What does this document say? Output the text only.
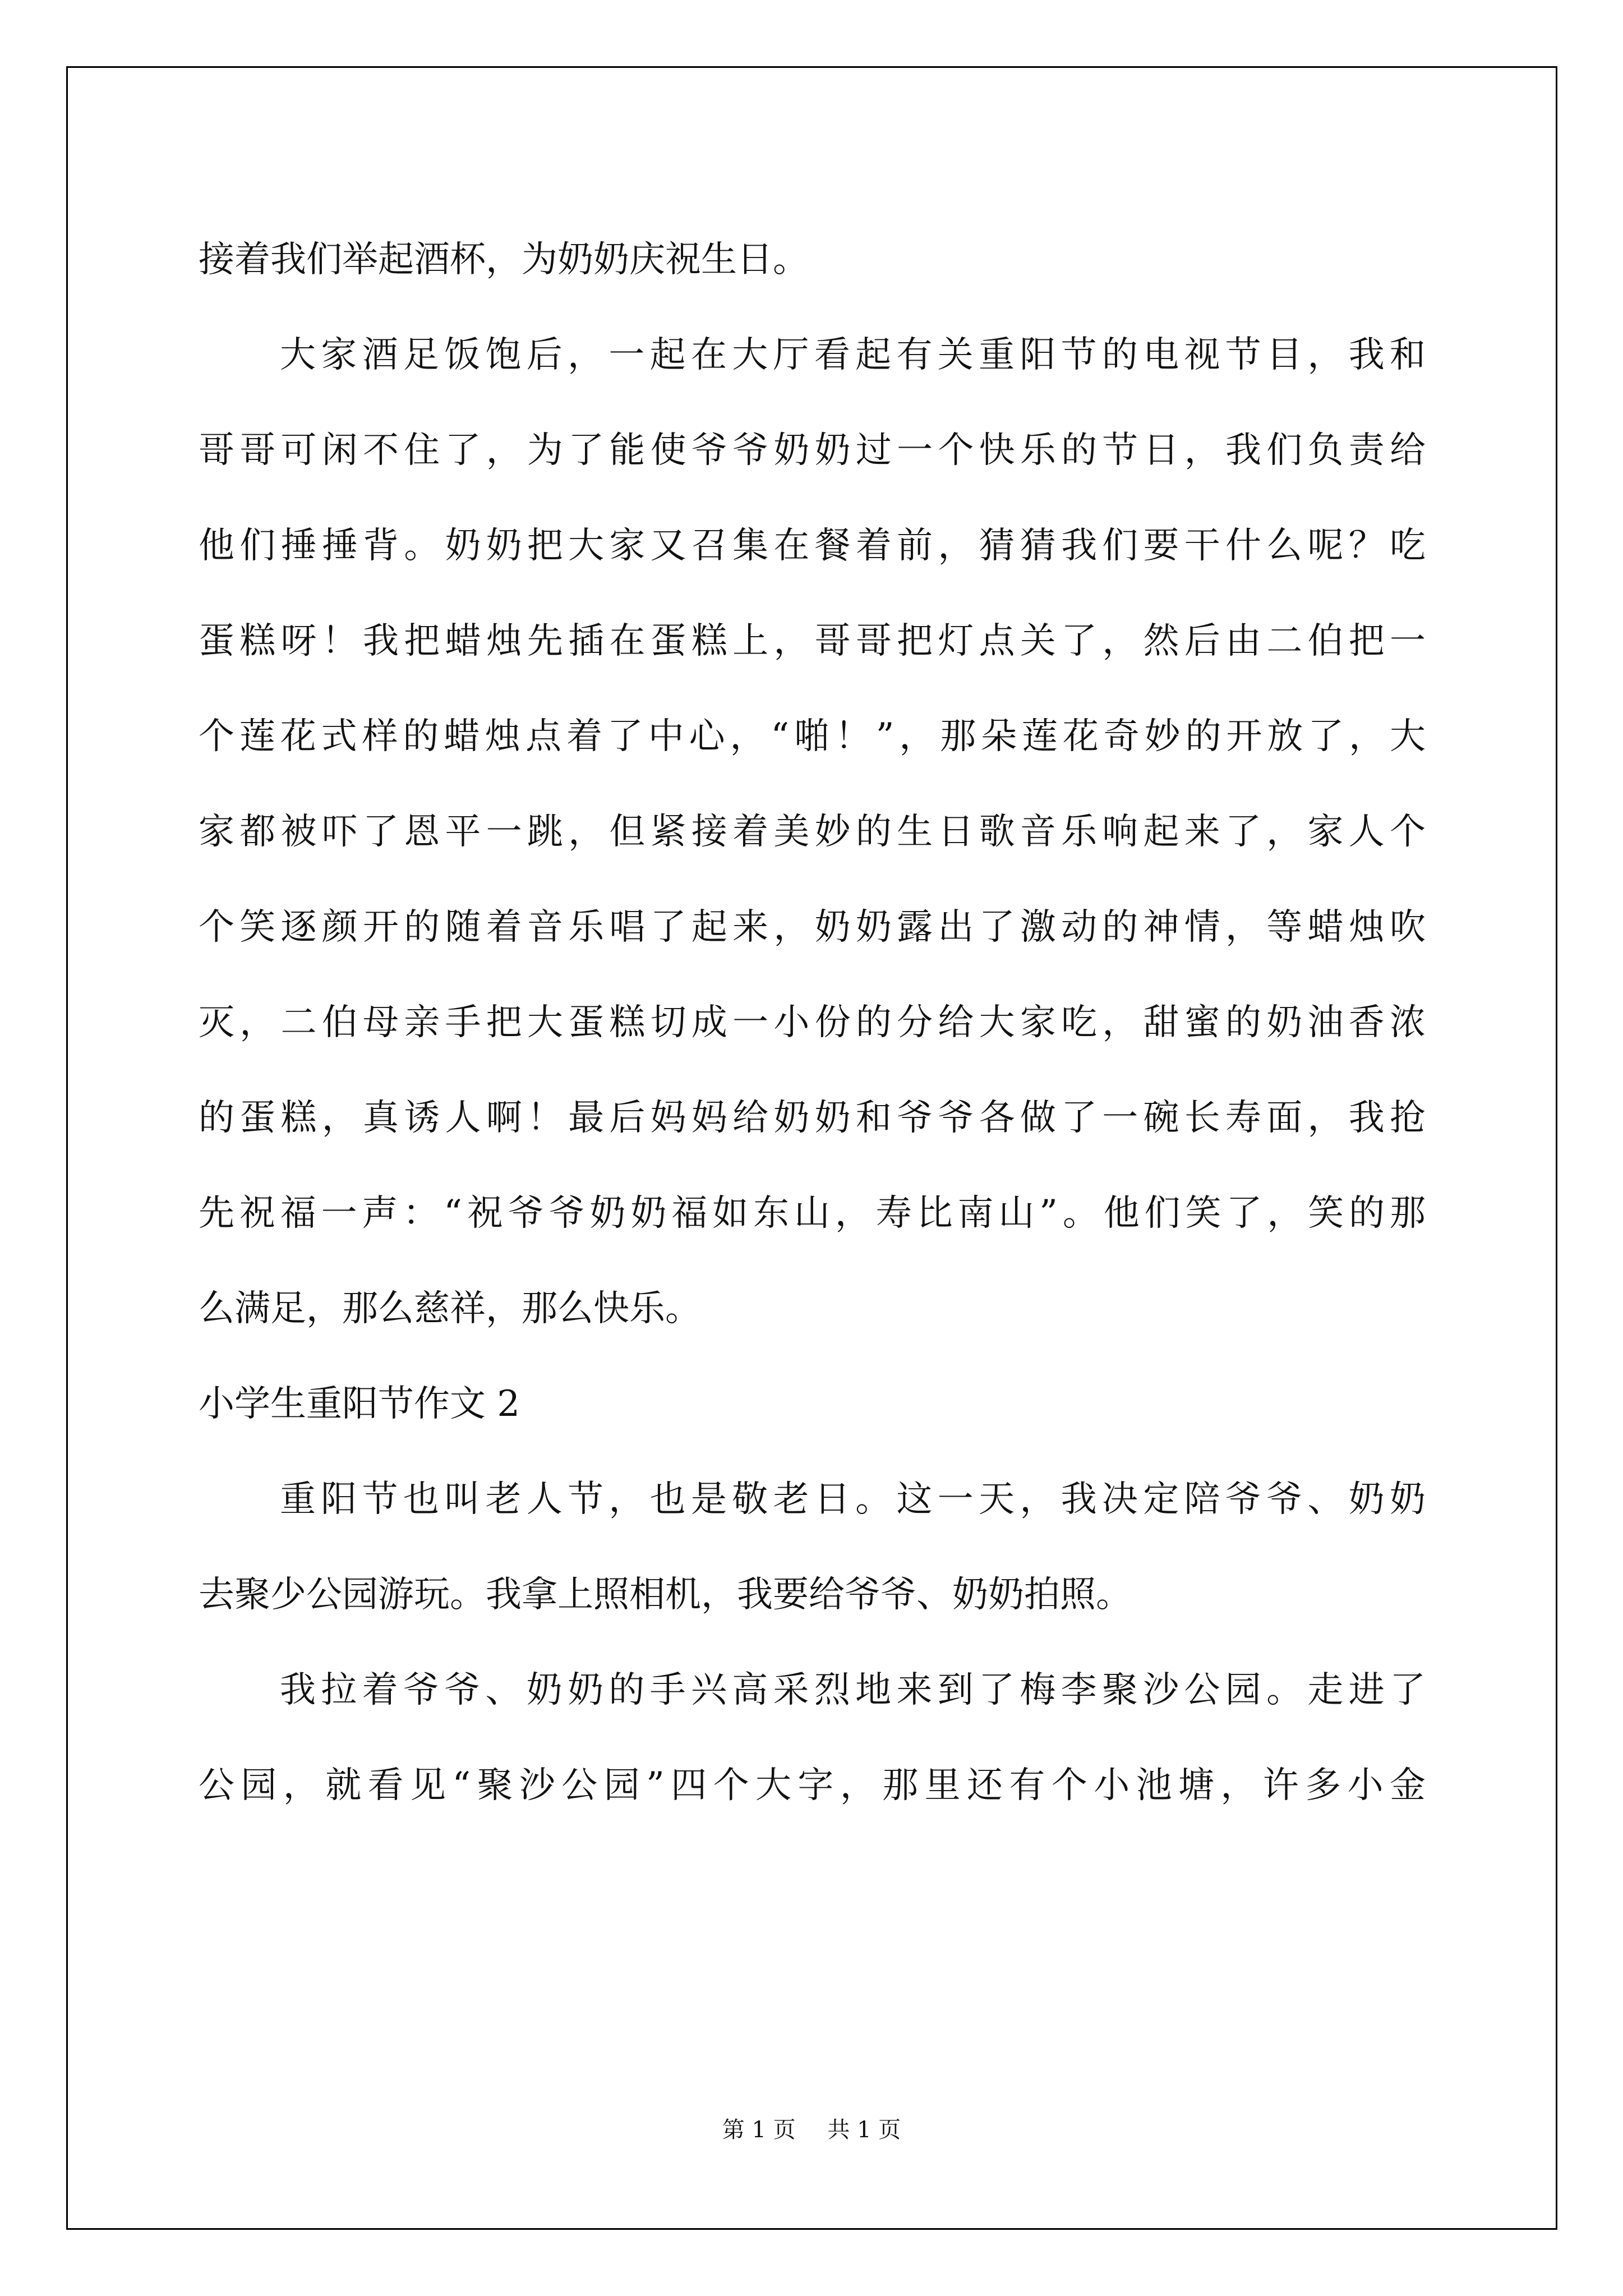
接着我们举起酒杯，为奶奶庆祝生日。
大家酒足饭饱后，一起在大厅看起有关重阳节的电视节目，我和
哥哥可闲不住了，为了能使爷爷奶奶过一个快乐的节日，我们负责给
他们捶捶背。奶奶把大家又召集在餐着前，猜猜我们要干什么呢？吃
蛋糕呀！我把蜡烛先插在蛋糕上，哥哥把灯点关了，然后由二伯把一
个莲花式样的蜡烛点着了中心，“啪！”，那朵莲花奇妙的开放了，大
家都被吓了恩平一跳，但紧接着美妙的生日歌音乐响起来了，家人个
个笑逐颜开的随着音乐唱了起来，奶奶露出了激动的神情，等蜡烛吹
灭，二伯母亲手把大蛋糕切成一小份的分给大家吃，甜蜜的奶油香浓
的蛋糕，真诱人啊！最后妈妈给奶奶和爷爷各做了一碗长寿面，我抢
先祝福一声：“祝爷爷奶奶福如东山，寿比南山”。他们笑了，笑的那
么满足，那么慈祥，那么快乐。
小学生重阳节作文 2
重阳节也叫老人节，也是敬老日。这一天，我决定陪爷爷、奶奶
去聚少公园游玩。我拿上照相机，我要给爷爷、奶奶拍照。
我拉着爷爷、奶奶的手兴高采烈地来到了梅李聚沙公园。走进了
公园，就看见“聚沙公园”四个大字，那里还有个小池塘，许多小金
第 1 页 共 1 页
